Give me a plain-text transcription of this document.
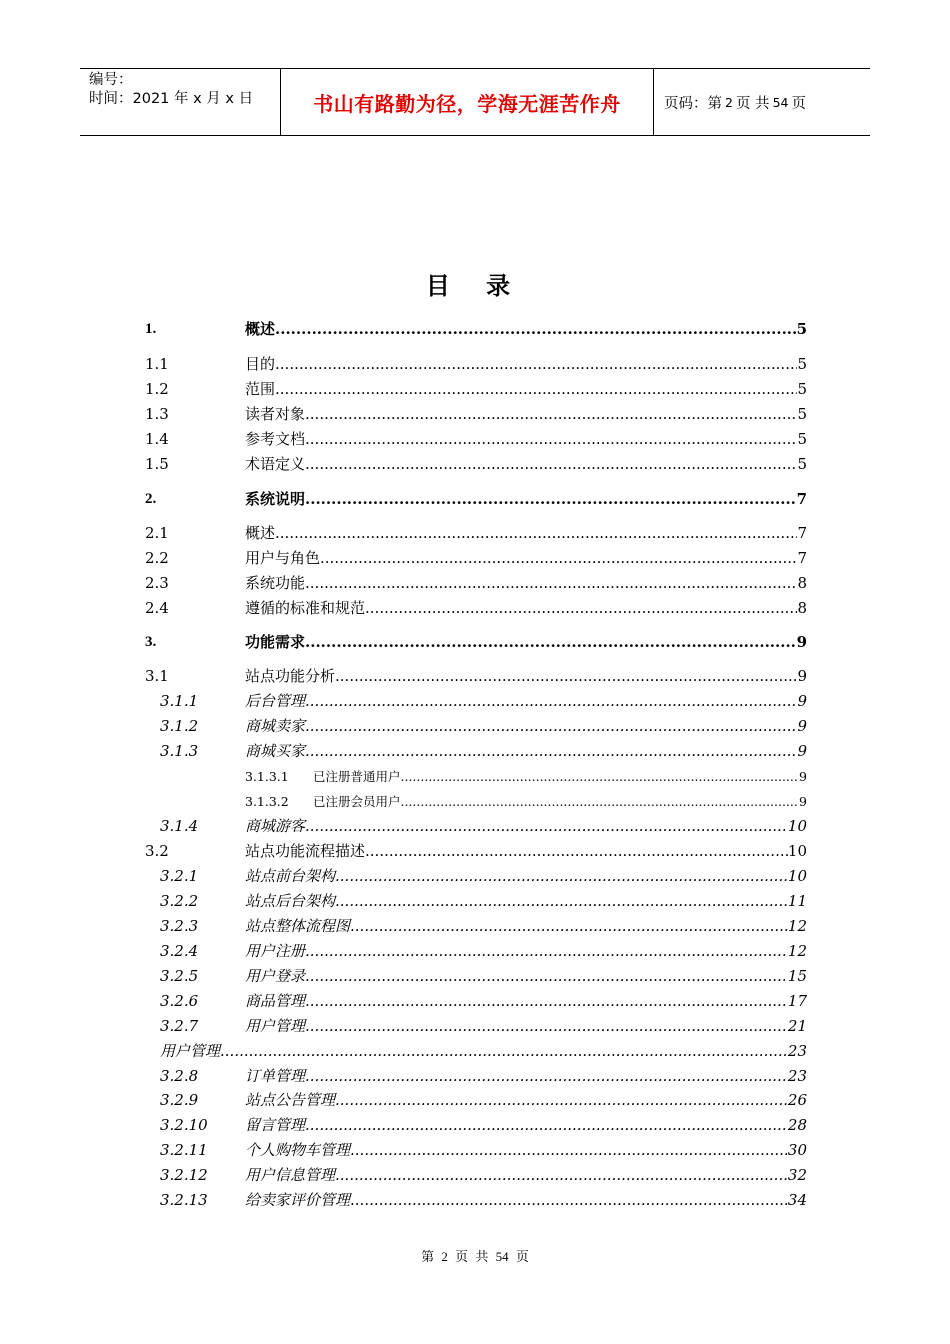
编号：
时间：2021 年 x 月 x 日	书山有路勤为径，学海无涯苦作舟	页码：第 2 页 共 54 页
目 录
1.	概述 .....	5
1.1	目的 .....	5
1.2	范围 .....	5
1.3	读者对象 .....	5
1.4	参考文档 .....	5
1.5	术语定义 .....	5
2.	系统说明 .....	7
2.1	概述 .....	7
2.2	用户与角色 .....	7
2.3	系统功能 .....	8
2.4	遵循的标准和规范 .....	8
3.	功能需求 .....	9
3.1	站点功能分析 .....	9
3.1.1	后台管理 .....	9
3.1.2	商城卖家 .....	9
3.1.3	商城买家 .....	9
3.1.3.1 已注册普通用户 .....	9
3.1.3.2 已注册会员用户 .....	9
3.1.4	商城游客 .....	10
3.2	站点功能流程描述 .....	10
3.2.1	站点前台架构 .....	10
3.2.2	站点后台架构 .....	11
3.2.3	站点整体流程图 .....	12
3.2.4	用户注册 .....	12
3.2.5	用户登录 .....	15
3.2.6	商品管理 .....	17
3.2.7	用户管理 .....	21
用户管理 .....	23
3.2.8	订单管理 .....	23
3.2.9	站点公告管理 .....	26
3.2.10 留言管理 .....	28
3.2.11 个人购物车管理 .....	30
3.2.12 用户信息管理 .....	32
3.2.13 给卖家评价管理 .....	34
第 2 页 共 54 页
